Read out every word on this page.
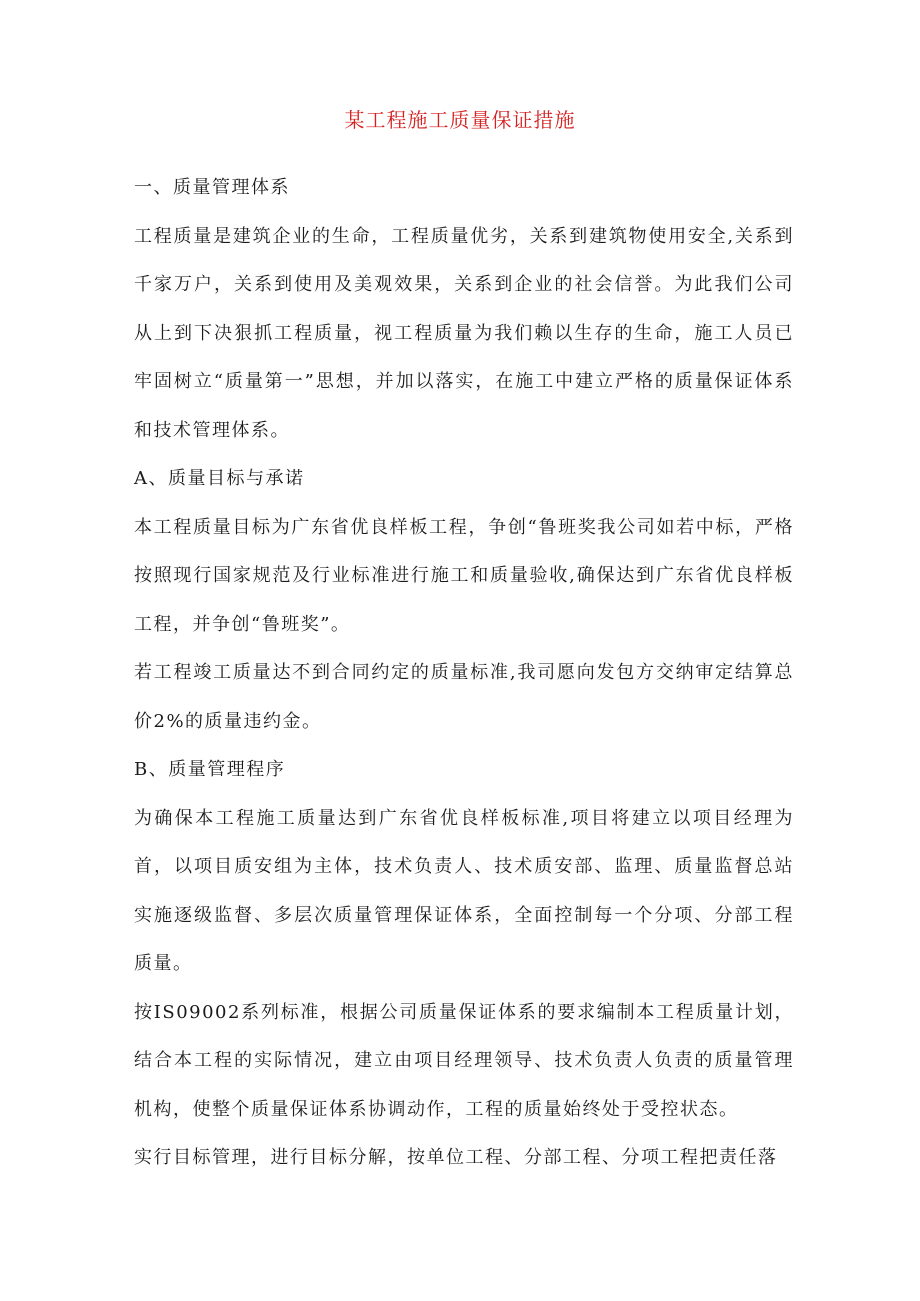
某工程施工质量保证措施

一、质量管理体系

工程质量是建筑企业的生命，工程质量优劣，关系到建筑物使用安全,关系到千家万户，关系到使用及美观效果，关系到企业的社会信誉。为此我们公司从上到下决狠抓工程质量，视工程质量为我们赖以生存的生命，施工人员已牢固树立“质量第一”思想，并加以落实，在施工中建立严格的质量保证体系和技术管理体系。

A、质量目标与承诺

本工程质量目标为广东省优良样板工程，争创“鲁班奖我公司如若中标，严格按照现行国家规范及行业标准进行施工和质量验收,确保达到广东省优良样板工程，并争创“鲁班奖”。

若工程竣工质量达不到合同约定的质量标准,我司愿向发包方交纳审定结算总价2%的质量违约金。

B、质量管理程序

为确保本工程施工质量达到广东省优良样板标准,项目将建立以项目经理为首，以项目质安组为主体，技术负责人、技术质安部、监理、质量监督总站实施逐级监督、多层次质量管理保证体系，全面控制每一个分项、分部工程质量。

按IS09002系列标准，根据公司质量保证体系的要求编制本工程质量计划，结合本工程的实际情况，建立由项目经理领导、技术负责人负责的质量管理机构，使整个质量保证体系协调动作，工程的质量始终处于受控状态。

实行目标管理，进行目标分解，按单位工程、分部工程、分项工程把责任落
